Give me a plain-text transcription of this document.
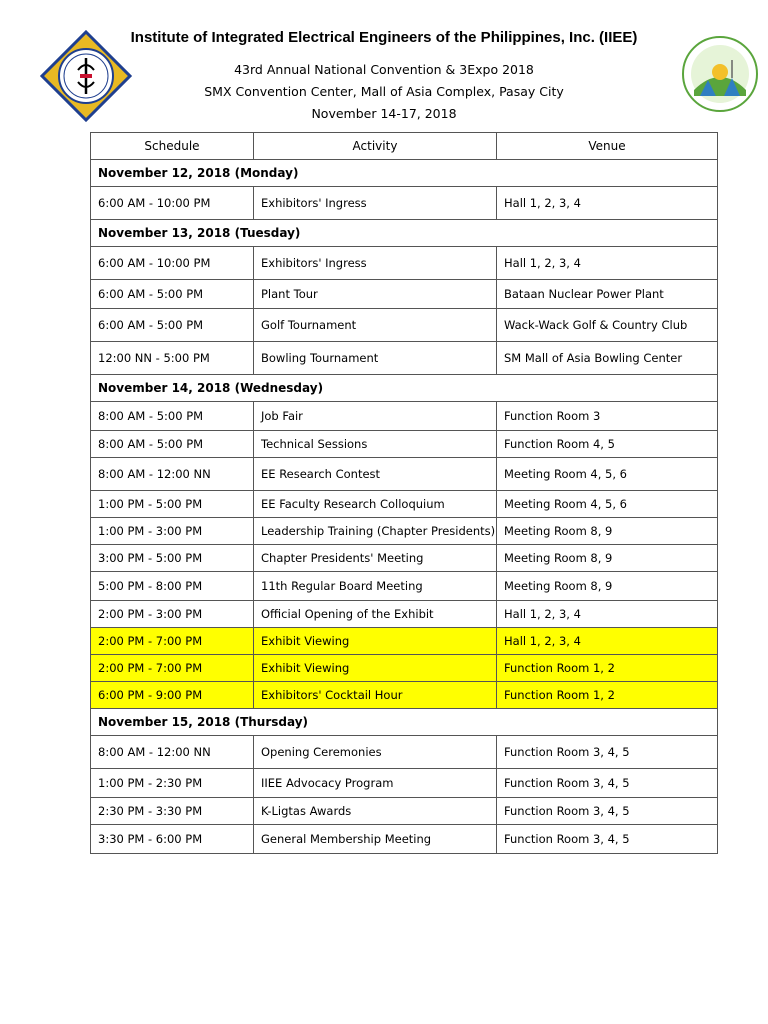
Institute of Integrated Electrical Engineers of the Philippines, Inc. (IIEE)
43rd Annual National Convention & 3Expo 2018
SMX Convention Center, Mall of Asia Complex, Pasay City
November 14-17, 2018
Schedule	Activity	Venue
November 12, 2018 (Monday)		
6:00 AM - 10:00 PM	Exhibitors' Ingress	Hall 1, 2, 3, 4
November 13, 2018 (Tuesday)		
6:00 AM - 10:00 PM	Exhibitors' Ingress	Hall 1, 2, 3, 4
6:00 AM - 5:00 PM	Plant Tour	Bataan Nuclear Power Plant
6:00 AM - 5:00 PM	Golf Tournament	Wack-Wack Golf & Country Club
12:00 NN - 5:00 PM	Bowling Tournament	SM Mall of Asia Bowling Center
November 14, 2018 (Wednesday)		
8:00 AM - 5:00 PM	Job Fair	Function Room 3
8:00 AM - 5:00 PM	Technical Sessions	Function Room 4, 5
8:00 AM - 12:00 NN	EE Research Contest	Meeting Room 4, 5, 6
1:00 PM - 5:00 PM	EE Faculty Research Colloquium	Meeting Room 4, 5, 6
1:00 PM - 3:00 PM	Leadership Training (Chapter Presidents)	Meeting Room 8, 9
3:00 PM - 5:00 PM	Chapter Presidents' Meeting	Meeting Room 8, 9
5:00 PM - 8:00 PM	11th Regular Board Meeting	Meeting Room 8, 9
2:00 PM - 3:00 PM	Official Opening of the Exhibit	Hall 1, 2, 3, 4
2:00 PM - 7:00 PM	Exhibit Viewing	Hall 1, 2, 3, 4
2:00 PM - 7:00 PM	Exhibit Viewing	Function Room 1, 2
6:00 PM - 9:00 PM	Exhibitors' Cocktail Hour	Function Room 1, 2
November 15, 2018 (Thursday)		
8:00 AM - 12:00 NN	Opening Ceremonies	Function Room 3, 4, 5
1:00 PM - 2:30 PM	IIEE Advocacy Program	Function Room 3, 4, 5
2:30 PM - 3:30 PM	K-Ligtas Awards	Function Room 3, 4, 5
3:30 PM - 6:00 PM	General Membership Meeting	Function Room 3, 4, 5
